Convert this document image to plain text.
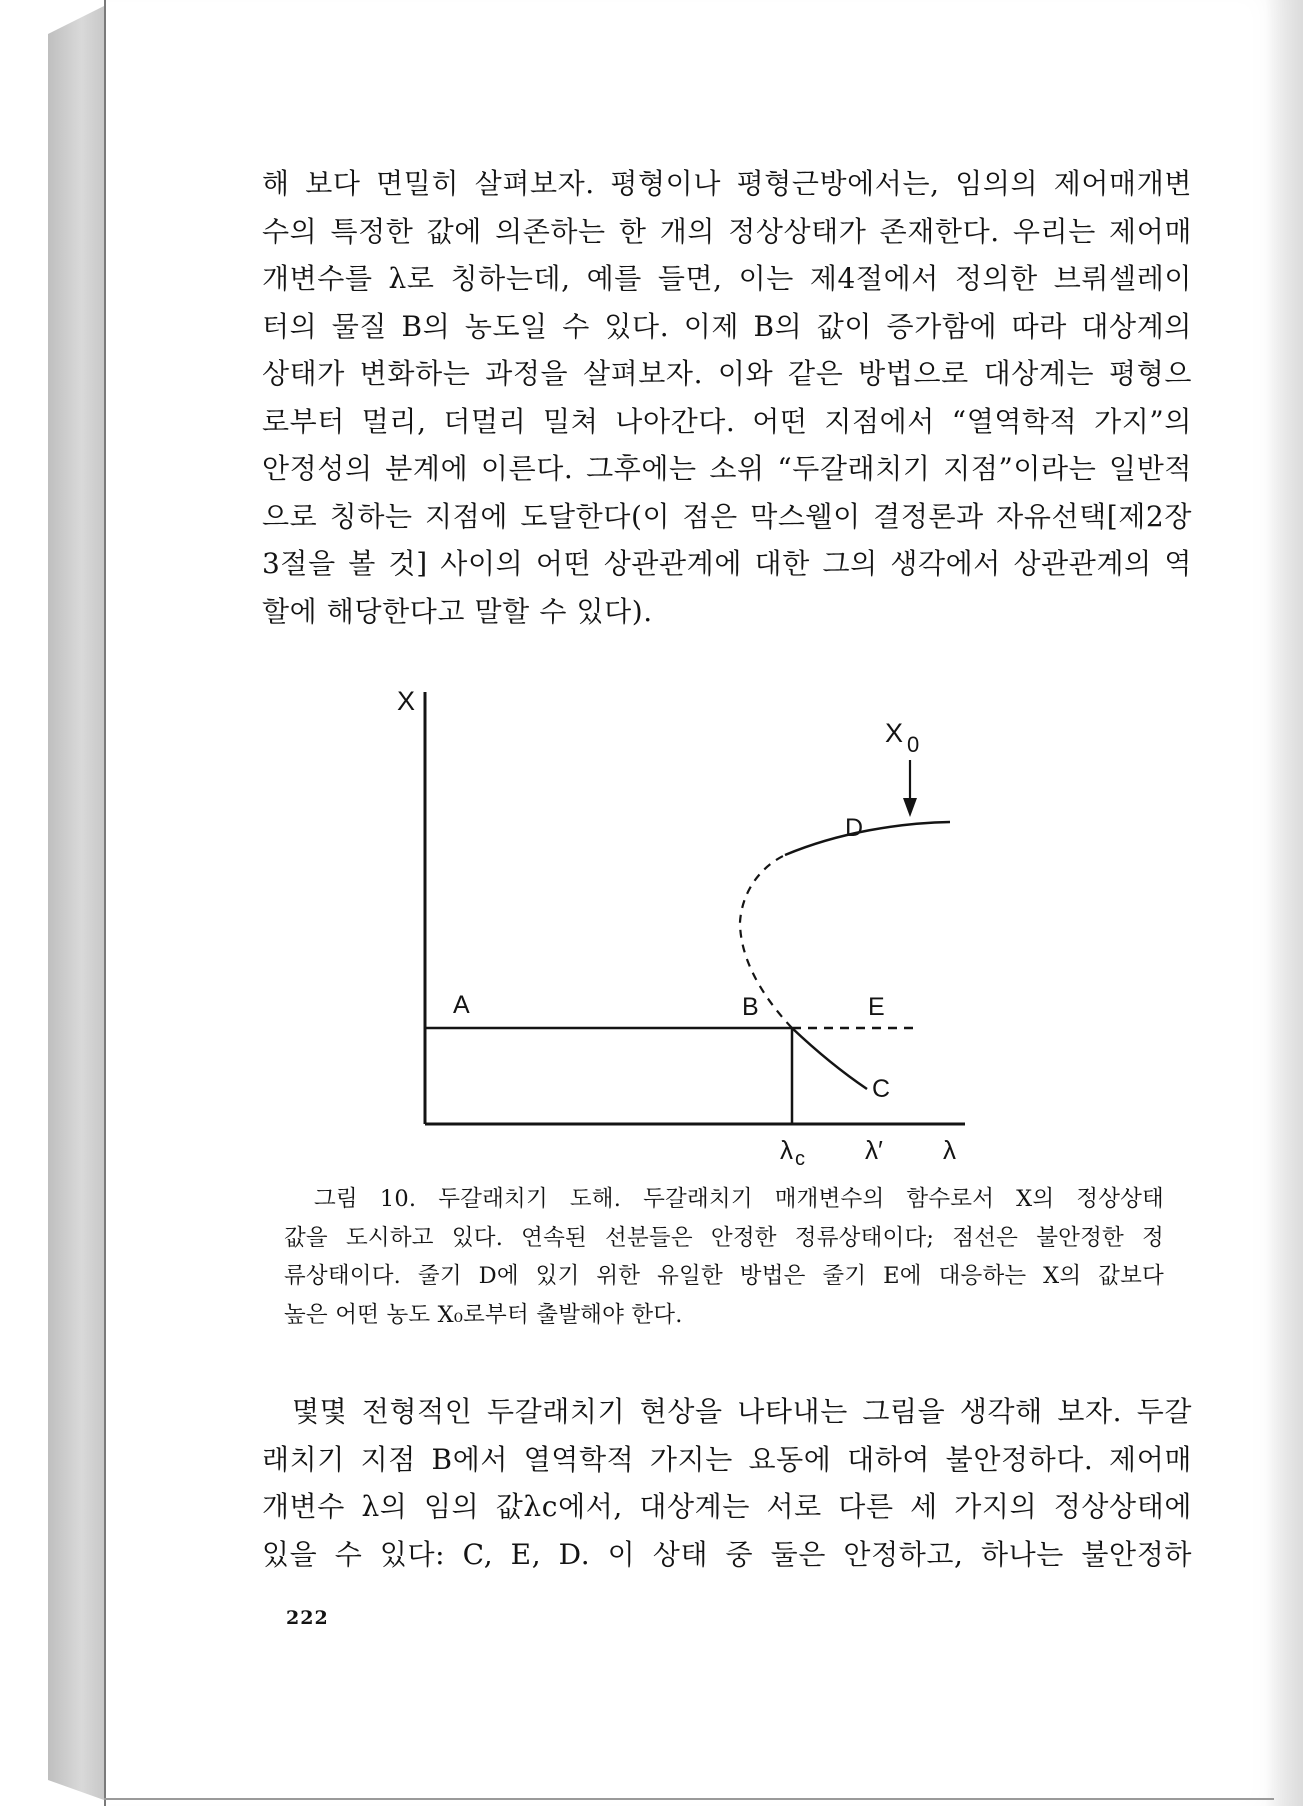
해 보다 면밀히 살펴보자. 평형이나 평형근방에서는, 임의의 제어매개변

수의 특정한 값에 의존하는 한 개의 정상상태가 존재한다. 우리는 제어매

개변수를 λ로 칭하는데, 예를 들면, 이는 제4절에서 정의한 브뤼셀레이

터의 물질 B의 농도일 수 있다. 이제 B의 값이 증가함에 따라 대상계의

상태가 변화하는 과정을 살펴보자. 이와 같은 방법으로 대상계는 평형으

로부터 멀리, 더멀리 밀쳐 나아간다. 어떤 지점에서 “열역학적 가지”의

안정성의 분계에 이른다. 그후에는 소위 “두갈래치기 지점”이라는 일반적

으로 칭하는 지점에 도달한다(이 점은 막스웰이 결정론과 자유선택[제2장

3절을 볼 것] 사이의 어떤 상관관계에 대한 그의 생각에서 상관관계의 역

할에 해당한다고 말할 수 있다).

X
X $_0$
D
A	B	E
C
λ $_c$ λ′ λ

그림 10. 두갈래치기 도해. 두갈래치기 매개변수의 함수로서 X의 정상상태

값을 도시하고 있다. 연속된 선분들은 안정한 정류상태이다; 점선은 불안정한 정

류상태이다. 줄기 D에 있기 위한 유일한 방법은 줄기 E에 대응하는 X의 값보다

높은 어떤 농도 X₀로부터 출발해야 한다.

몇몇 전형적인 두갈래치기 현상을 나타내는 그림을 생각해 보자. 두갈

래치기 지점 B에서 열역학적 가지는 요동에 대하여 불안정하다. 제어매

개변수 λ의 임의 값λc에서, 대상계는 서로 다른 세 가지의 정상상태에

있을 수 있다: C, E, D. 이 상태 중 둘은 안정하고, 하나는 불안정하

222
